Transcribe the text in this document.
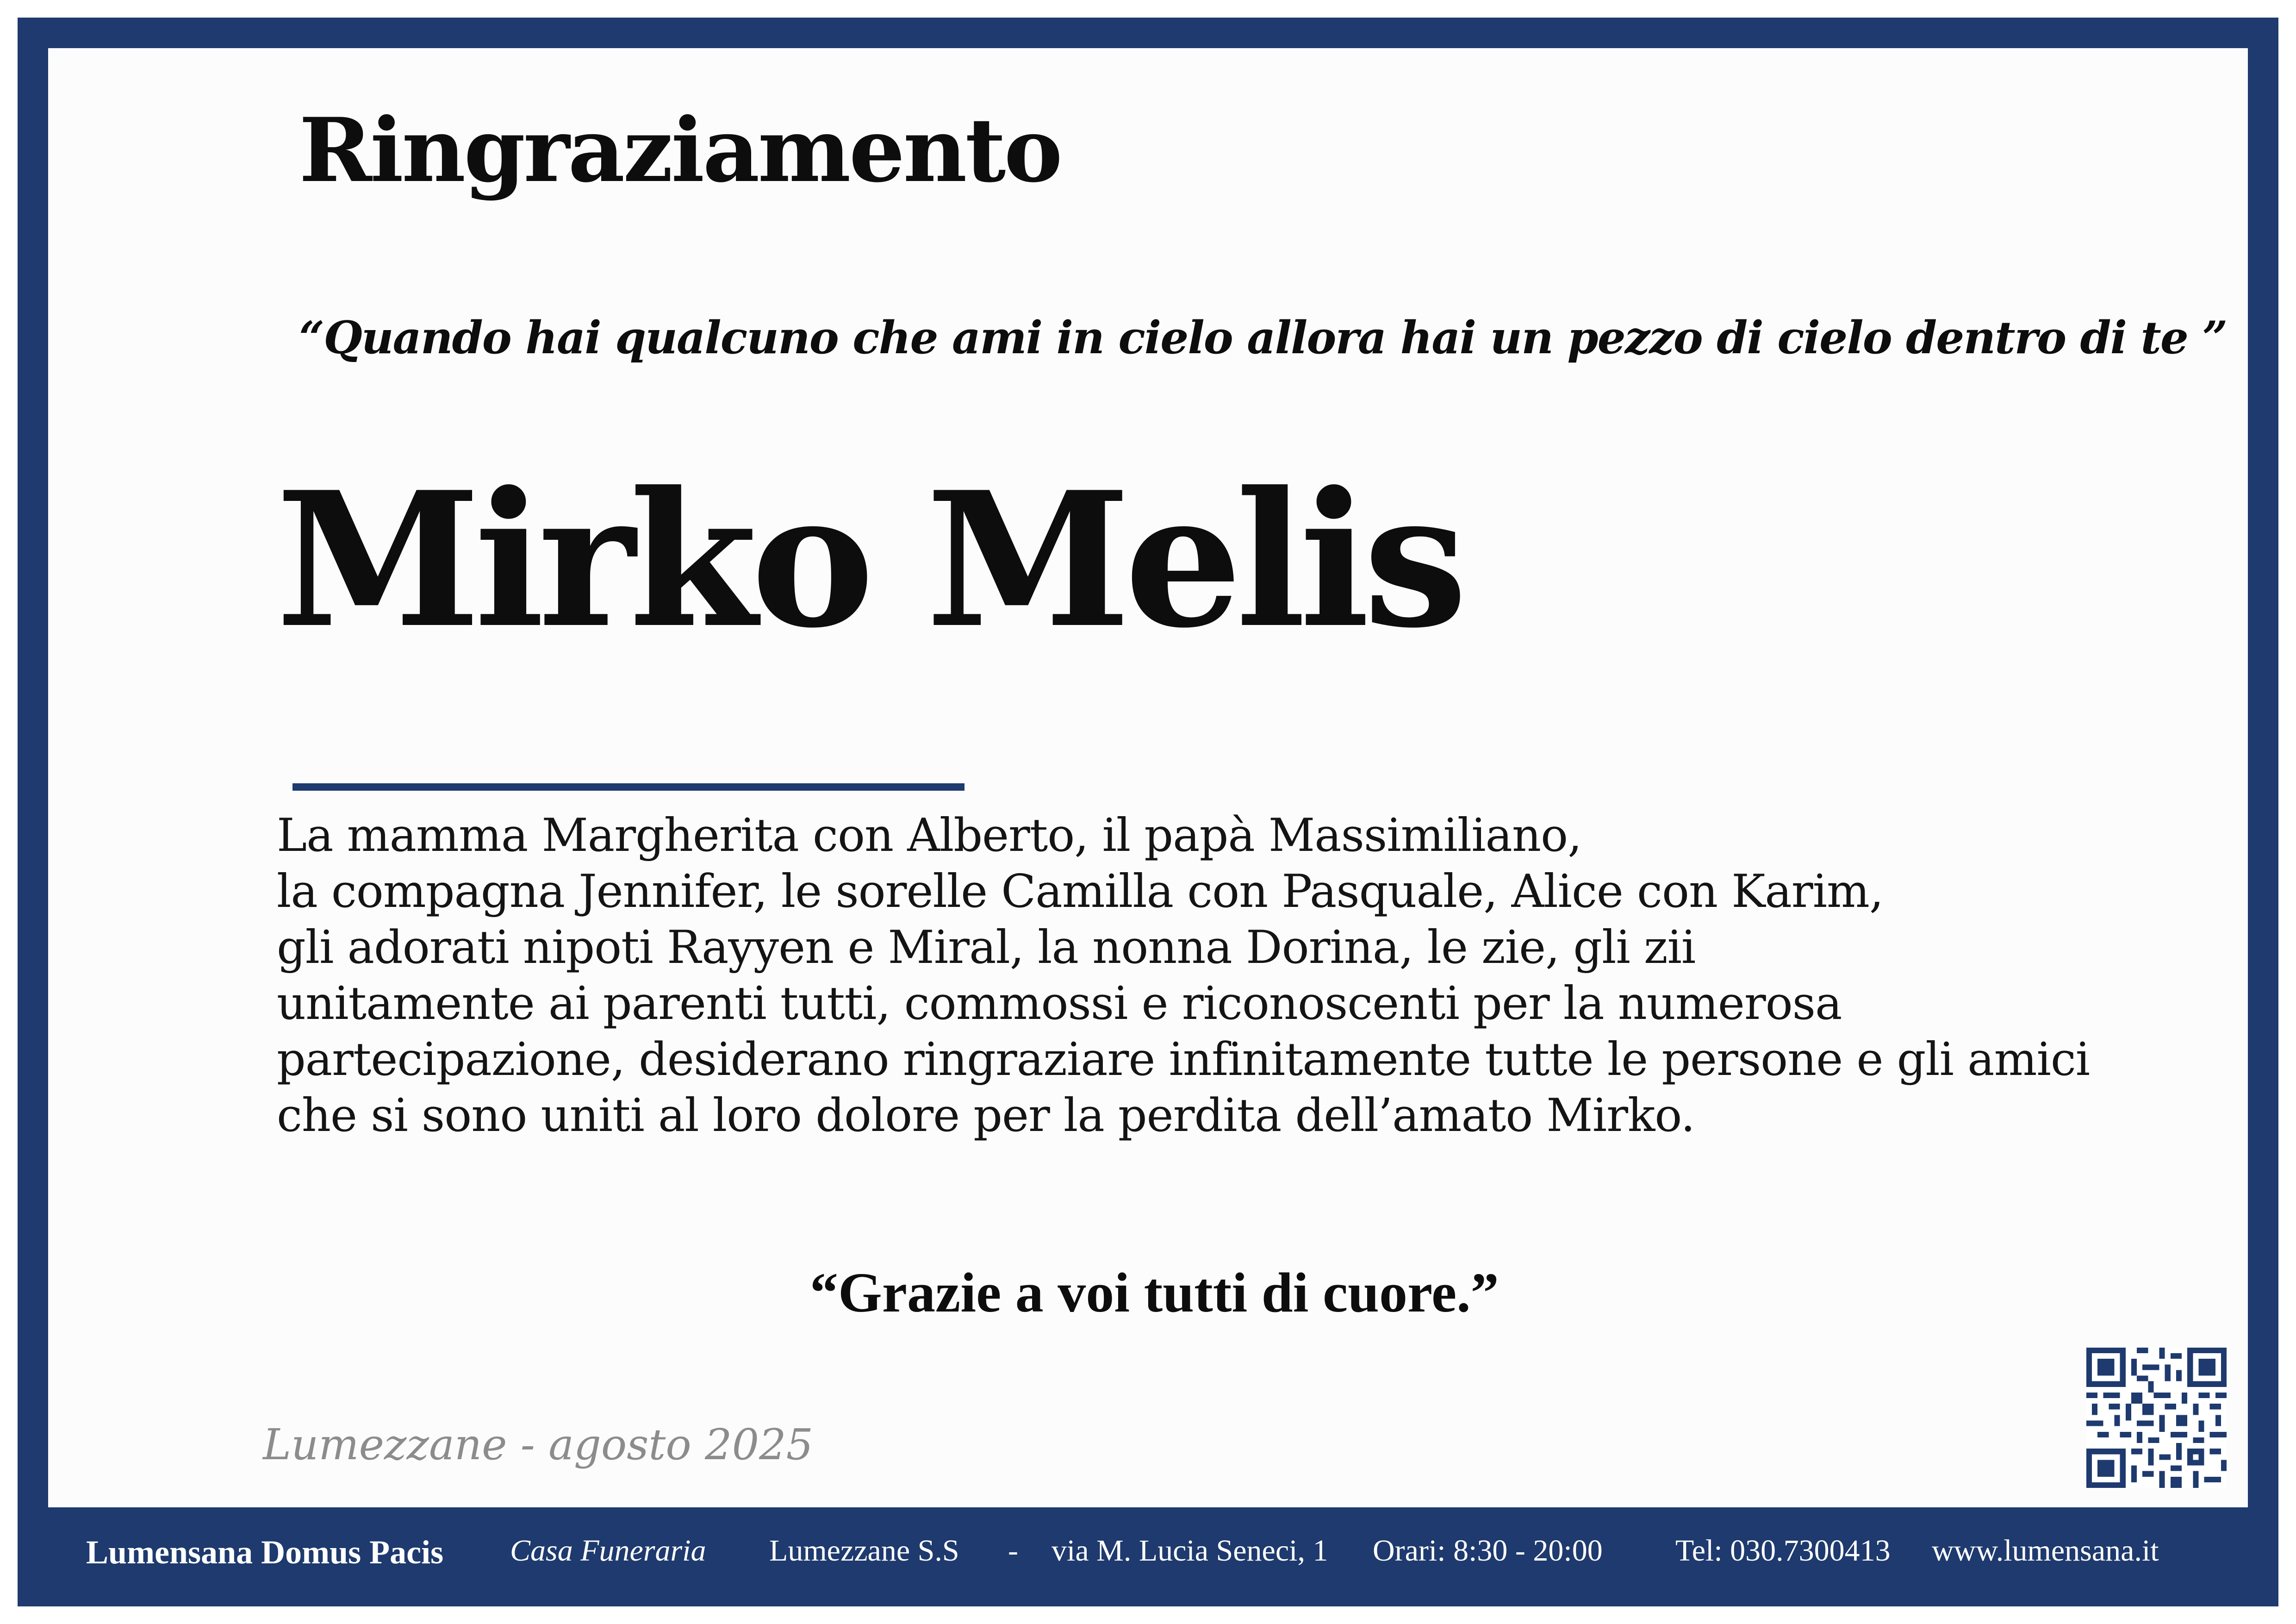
Ringraziamento

“Quando hai qualcuno che ami in cielo allora hai un pezzo di cielo dentro di te ”

Mirko Melis
La mamma Margherita con Alberto, il papà Massimiliano,
la compagna Jennifer, le sorelle Camilla con Pasquale, Alice con Karim,
gli adorati nipoti Rayyen e Miral, la nonna Dorina, le zie, gli zii
unitamente ai parenti tutti, commossi e riconoscenti per la numerosa
partecipazione, desiderano ringraziare infinitamente tutte le persone e gli amici
che si sono uniti al loro dolore per la perdita dell’amato Mirko.

“Grazie a voi tutti di cuore.”

Lumezzane - agosto 2025

Lumensana Domus Pacis Casa Funeraria Lumezzane S.S - via M. Lucia Seneci, 1 Orari: 8:30 - 20:00 Tel: 030.7300413 www.lumensana.it
